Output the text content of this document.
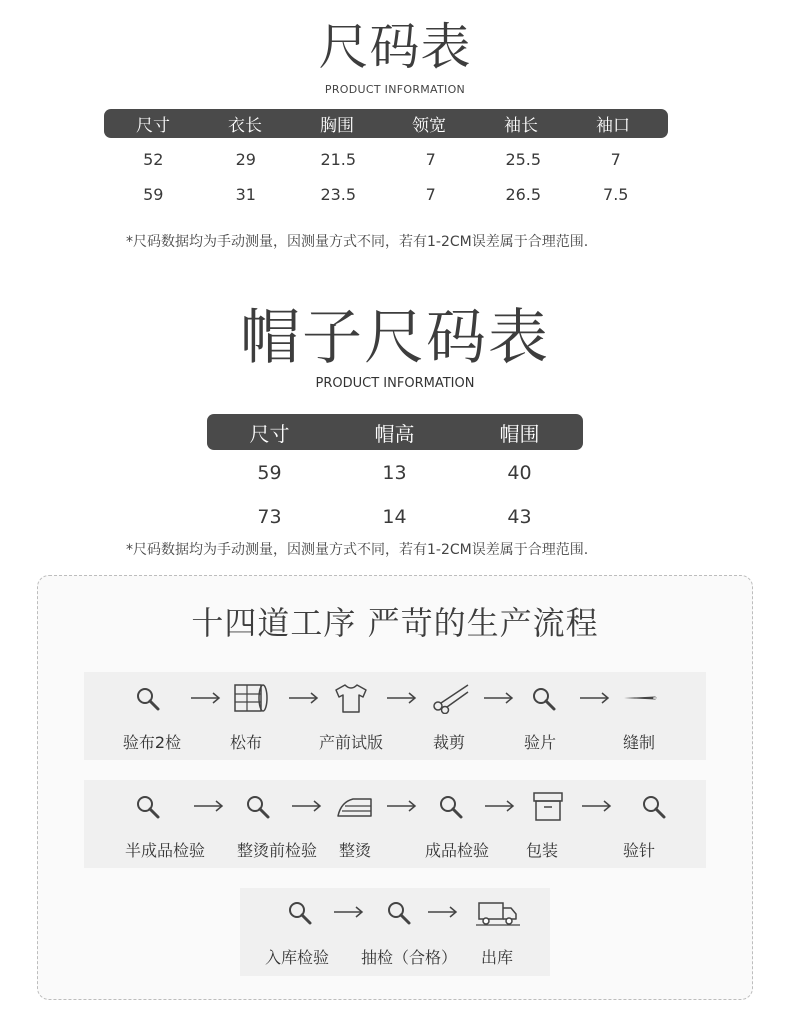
尺码表
PRODUCT INFORMATION
尺寸	衣长	胸围	领宽	袖长	袖口
52	29	21.5	7	25.5	7
59	31	23.5	7	26.5	7.5
*尺码数据均为手动测量，因测量方式不同，若有1-2CM误差属于合理范围.
帽子尺码表
PRODUCT INFORMATION
尺寸	帽高	帽围
59	13	40
73	14	43
*尺码数据均为手动测量，因测量方式不同，若有1-2CM误差属于合理范围.
十四道工序 严苛的生产流程
验布2检	松布	产前试版	裁剪	验片	缝制
半成品检验	整烫前检验	整烫	成品检验	包装	验针
入库检验	抽检（合格）	出库
